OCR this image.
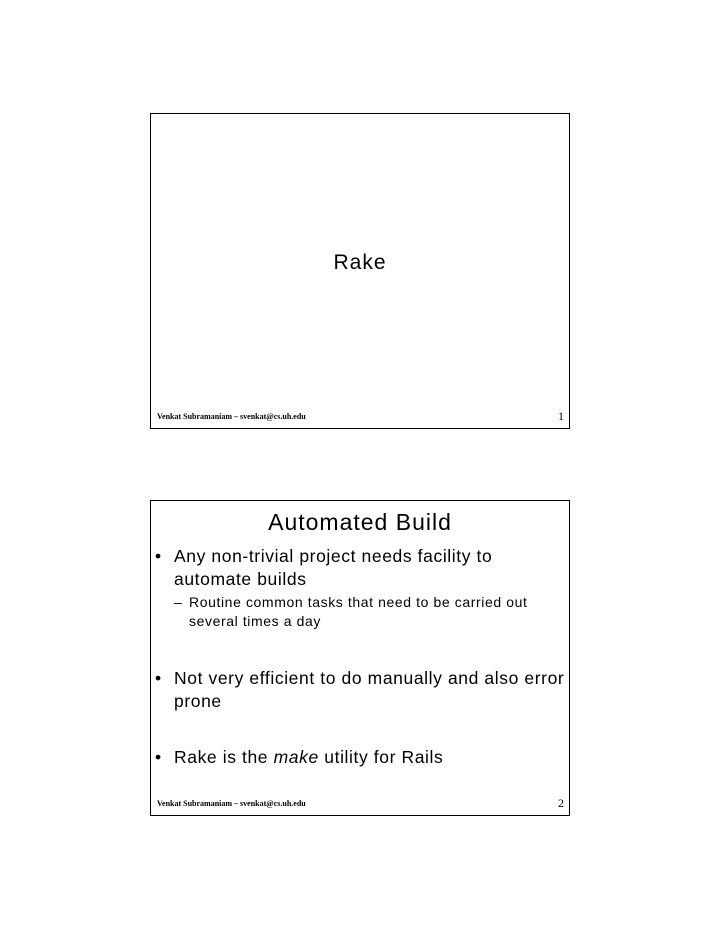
Rake
Venkat Subramaniam – svenkat@cs.uh.edu	1
Automated Build
• Any non-trivial project needs facility to automate builds
– Routine common tasks that need to be carried out several times a day
• Not very efficient to do manually and also error prone
• Rake is the make utility for Rails
Venkat Subramaniam – svenkat@cs.uh.edu	2
